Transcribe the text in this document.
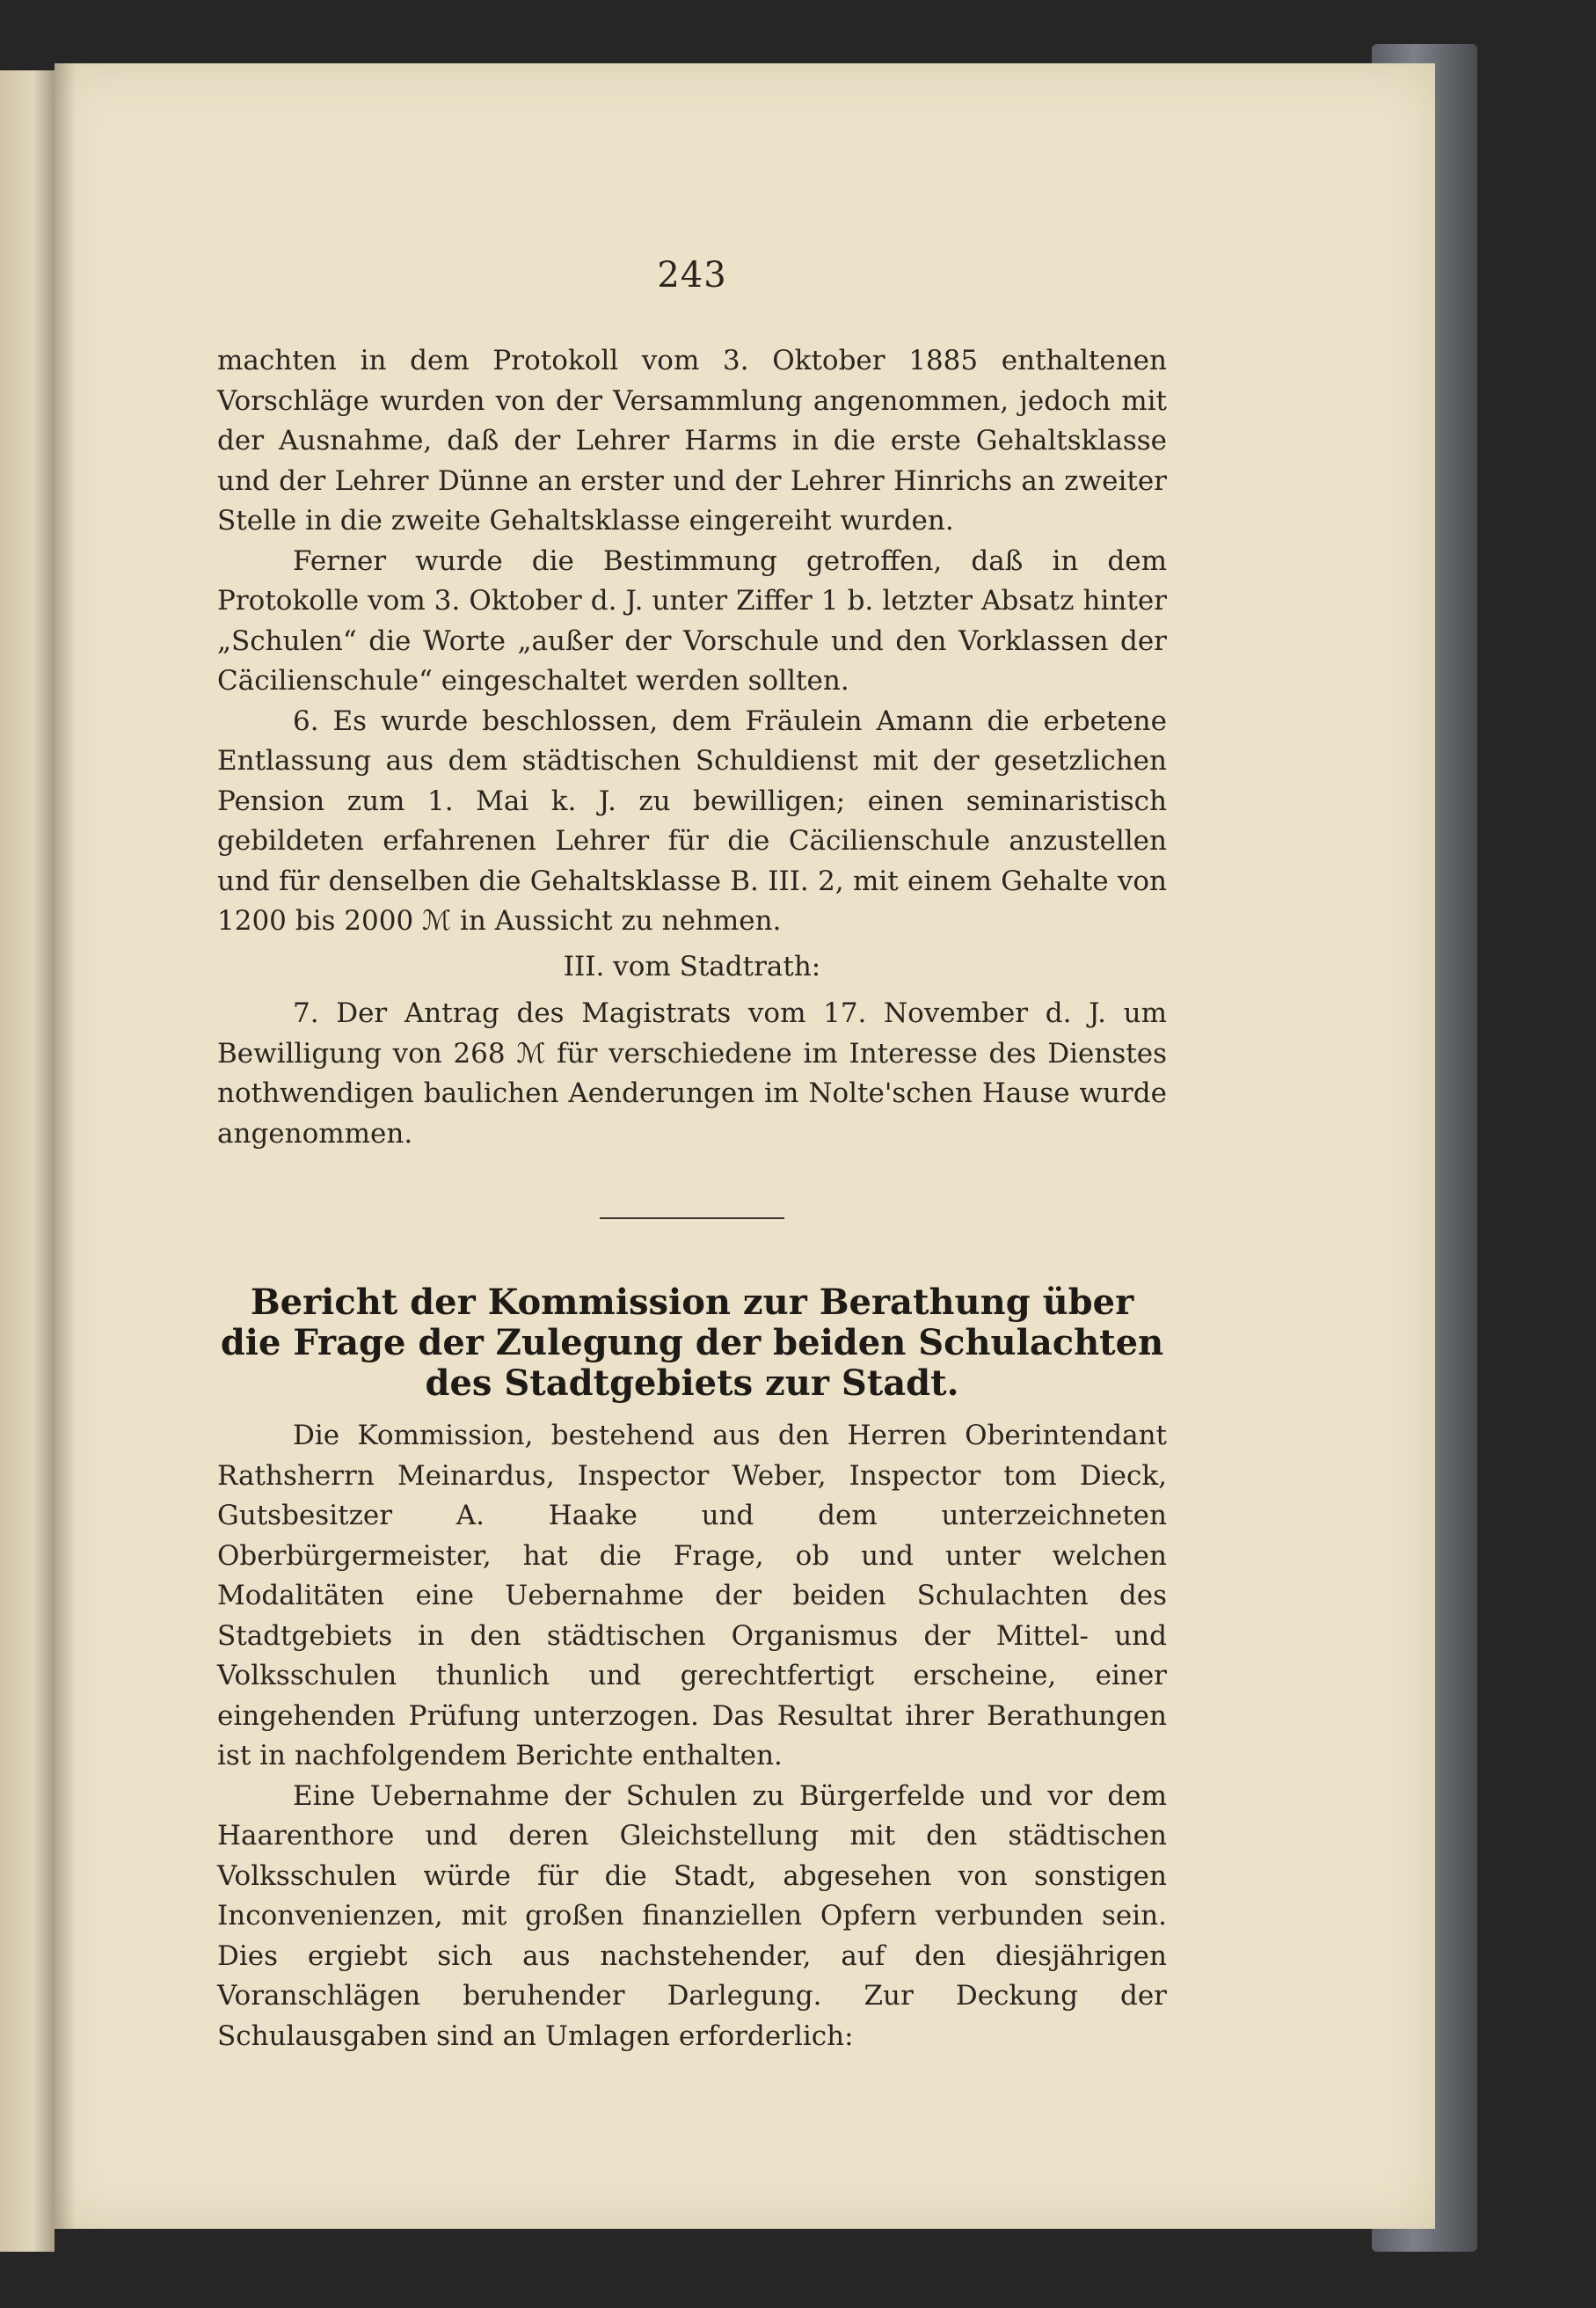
243

machten in dem Protokoll vom 3. Oktober 1885 enthaltenen Vorschläge wurden von der Versammlung angenommen, jedoch mit der Ausnahme, daß der Lehrer Harms in die erste Gehaltsklasse und der Lehrer Dünne an erster und der Lehrer Hinrichs an zweiter Stelle in die zweite Gehaltsklasse eingereiht wurden.

Ferner wurde die Bestimmung getroffen, daß in dem Protokolle vom 3. Oktober d. J. unter Ziffer 1 b. letzter Absatz hinter „Schulen“ die Worte „außer der Vorschule und den Vorklassen der Cäcilienschule“ eingeschaltet werden sollten.

6. Es wurde beschlossen, dem Fräulein Amann die erbetene Entlassung aus dem städtischen Schuldienst mit der gesetzlichen Pension zum 1. Mai k. J. zu bewilligen; einen seminaristisch gebildeten erfahrenen Lehrer für die Cäcilienschule anzustellen und für denselben die Gehaltsklasse B. III. 2, mit einem Gehalte von 1200 bis 2000 ℳ in Aussicht zu nehmen.

III. vom Stadtrath:

7. Der Antrag des Magistrats vom 17. November d. J. um Bewilligung von 268 ℳ für verschiedene im Interesse des Dienstes nothwendigen baulichen Aenderungen im Nolte'schen Hause wurde angenommen.

Bericht der Kommission zur Berathung über
die Frage der Zulegung der beiden Schulachten
des Stadtgebiets zur Stadt.

Die Kommission, bestehend aus den Herren Oberintendant Rathsherrn Meinardus, Inspector Weber, Inspector tom Dieck, Gutsbesitzer A. Haake und dem unterzeichneten Oberbürgermeister, hat die Frage, ob und unter welchen Modalitäten eine Uebernahme der beiden Schulachten des Stadtgebiets in den städtischen Organismus der Mittel- und Volksschulen thunlich und gerechtfertigt erscheine, einer eingehenden Prüfung unterzogen. Das Resultat ihrer Berathungen ist in nachfolgendem Berichte enthalten.

Eine Uebernahme der Schulen zu Bürgerfelde und vor dem Haarenthore und deren Gleichstellung mit den städtischen Volksschulen würde für die Stadt, abgesehen von sonstigen Inconvenienzen, mit großen finanziellen Opfern verbunden sein. Dies ergiebt sich aus nachstehender, auf den diesjährigen Voranschlägen beruhender Darlegung. Zur Deckung der Schulausgaben sind an Umlagen erforderlich:
